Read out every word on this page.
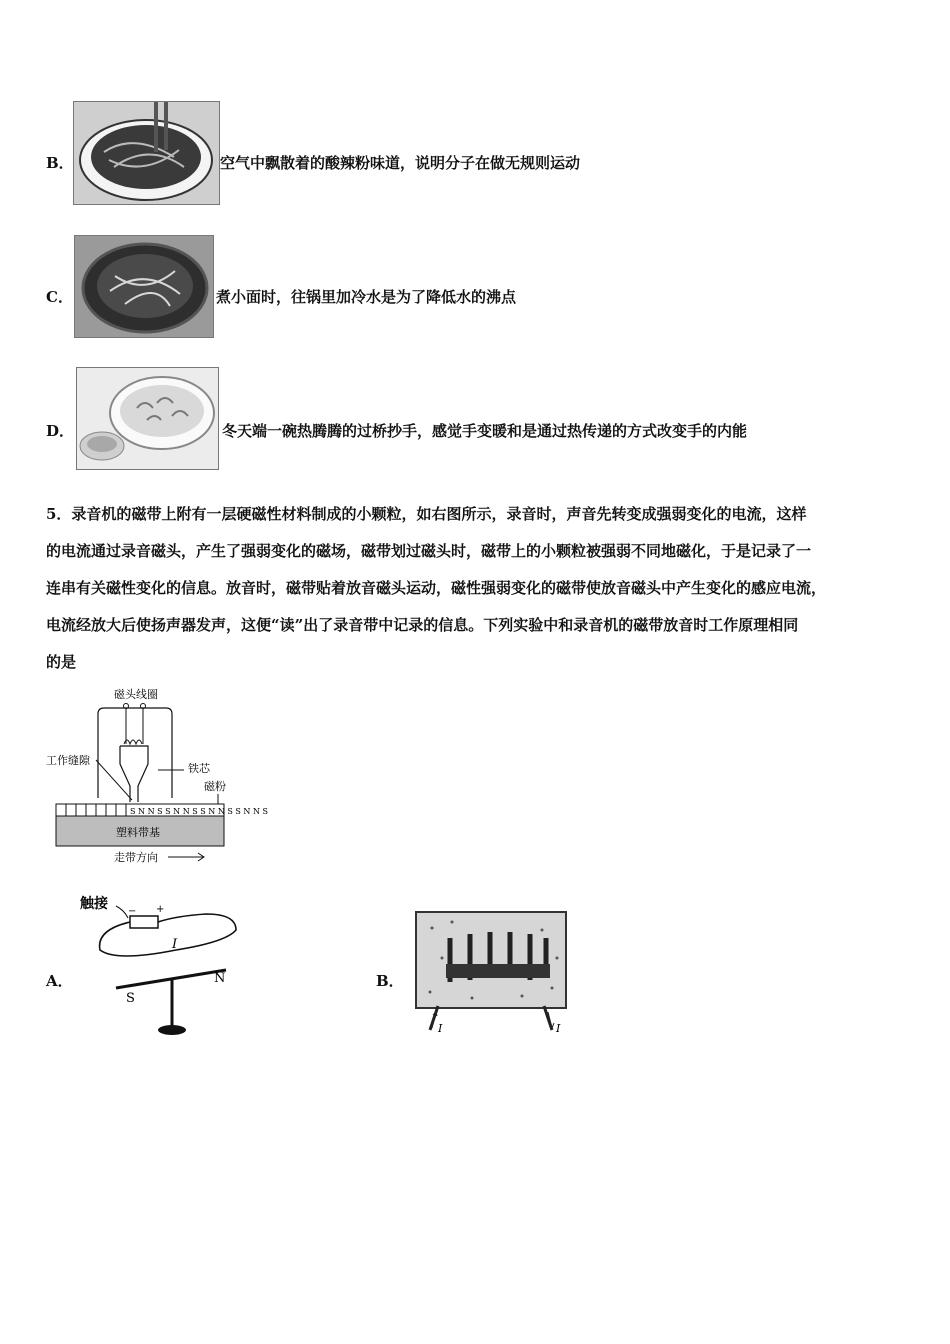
B．	空气中飘散着的酸辣粉味道，说明分子在做无规则运动
C．	煮小面时，往锅里加冷水是为了降低水的沸点
D．	冬天端一碗热腾腾的过桥抄手，感觉手变暖和是通过热传递的方式改变手的内能
5．录音机的磁带上附有一层硬磁性材料制成的小颗粒，如右图所示，录音时，声音先转变成强弱变化的电流，这样
的电流通过录音磁头，产生了强弱变化的磁场，磁带划过磁头时，磁带上的小颗粒被强弱不同地磁化，于是记录了一
连串有关磁性变化的信息。放音时，磁带贴着放音磁头运动，磁性强弱变化的磁带使放音磁头中产生变化的感应电流，
电流经放大后使扬声器发声，这便“读”出了录音带中记录的信息。下列实验中和录音机的磁带放音时工作原理相同
的是
磁头线圈
工作缝隙
铁芯
磁粉
S N N S S N N S S N N S S N N S
塑料带基
走带方向
A．
触接 − +
I
S
N	B．
I	I
